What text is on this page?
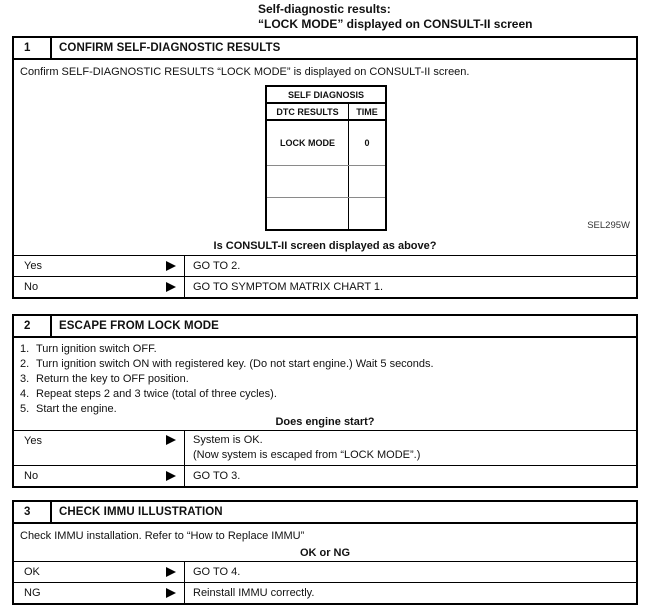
Self-diagnostic results:
“LOCK MODE” displayed on CONSULT-II screen
1	CONFIRM SELF-DIAGNOSTIC RESULTS

Confirm SELF-DIAGNOSTIC RESULTS “LOCK MODE” is displayed on CONSULT-II screen.

SELF DIAGNOSIS
DTC RESULTS	TIME
LOCK MODE	0
SEL295W
Is CONSULT-II screen displayed as above?
Yes	GO TO 2.
No	GO TO SYMPTOM MATRIX CHART 1.
2	ESCAPE FROM LOCK MODE
1. Turn ignition switch OFF.
2. Turn ignition switch ON with registered key. (Do not start engine.) Wait 5 seconds.
3. Return the key to OFF position.
4. Repeat steps 2 and 3 twice (total of three cycles).
5. Start the engine.
Does engine start?
Yes	System is OK.
(Now system is escaped from “LOCK MODE”.)
No	GO TO 3.
3	CHECK IMMU ILLUSTRATION

Check IMMU installation. Refer to “How to Replace IMMU”

OK or NG
OK	GO TO 4.
NG	Reinstall IMMU correctly.
